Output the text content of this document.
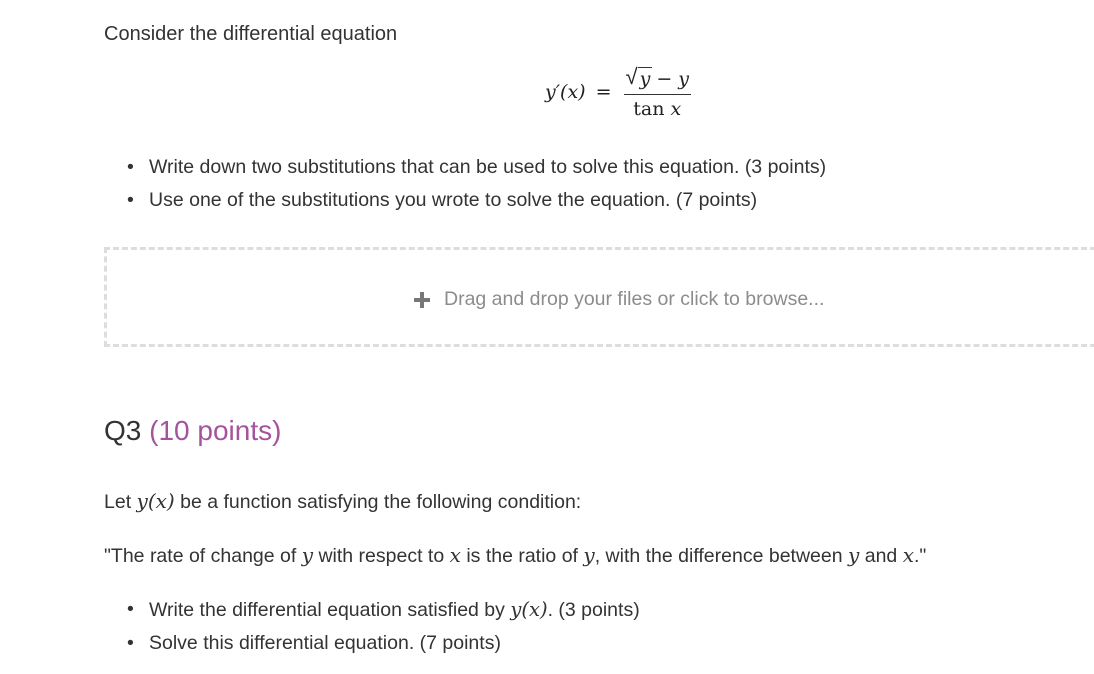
Consider the differential equation
$y'(x) = \frac{√ y - y}{\text{tan x}}$
• Write down two substitutions that can be used to solve this equation. (3 points)
• Use one of the substitutions you wrote to solve the equation. (7 points)
Drag and drop your files or click to browse...
Q3 (10 points)

Let y(x) be a function satisfying the following condition:

"The rate of change of y with respect to x is the ratio of y, with the difference between y and x."

• Write the differential equation satisfied by y(x). (3 points)
• Solve this differential equation. (7 points)
